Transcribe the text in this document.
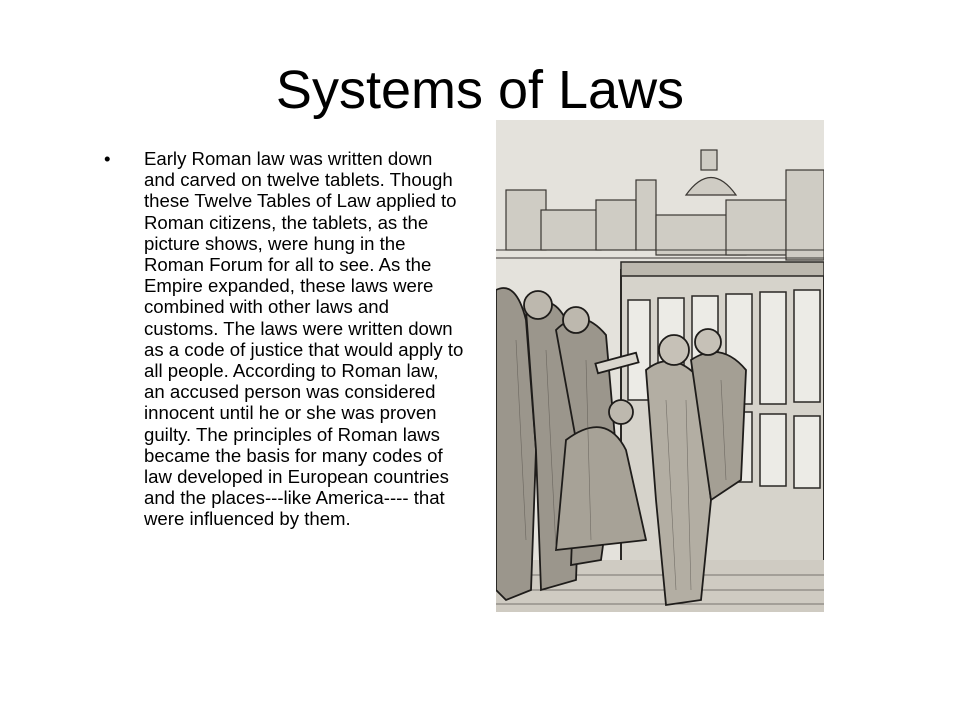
Systems of Laws
•	Early Roman law was written down and carved on twelve tablets. Though these Twelve Tables of Law applied to Roman citizens, the tablets, as the picture shows, were hung in the Roman Forum for all to see. As the Empire expanded, these laws were combined with other laws and customs. The laws were written down as a code of justice that would apply to all people. According to Roman law, an accused person was considered innocent until he or she was proven guilty. The principles of Roman laws became the basis for many codes of law developed in European countries and the places---like America---- that were influenced by them.
